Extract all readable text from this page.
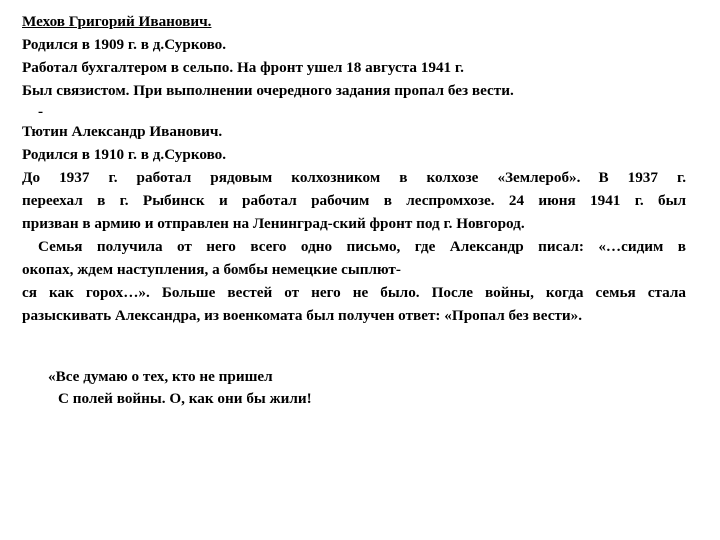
Мехов Григорий Иванович.
Родился в 1909 г. в д.Сурково.
Работал бухгалтером в сельпо. На фронт ушел 18 августа 1941 г.
Был связистом. При выполнении очередного задания пропал без вести.
-
Тютин Александр Иванович.
Родился в 1910 г. в д.Сурково.
До 1937 г. работал рядовым колхозником в колхозе «Землероб». В 1937 г.
переехал в г. Рыбинск и работал рабочим в леспромхозе. 24 июня 1941 г. был
призван в армию и отправлен на Ленинград-ский фронт под г. Новгород.
Семья получила от него всего одно письмо, где Александр писал: «…сидим в
окопах, ждем наступления, а бомбы немецкие сыплют-
ся как горох…». Больше вестей от него не было. После войны, когда семья стала
разыскивать Александра, из военкомата был получен ответ: «Пропал без вести».
«Все думаю о тех, кто не пришел
С полей войны. О, как они бы жили!
